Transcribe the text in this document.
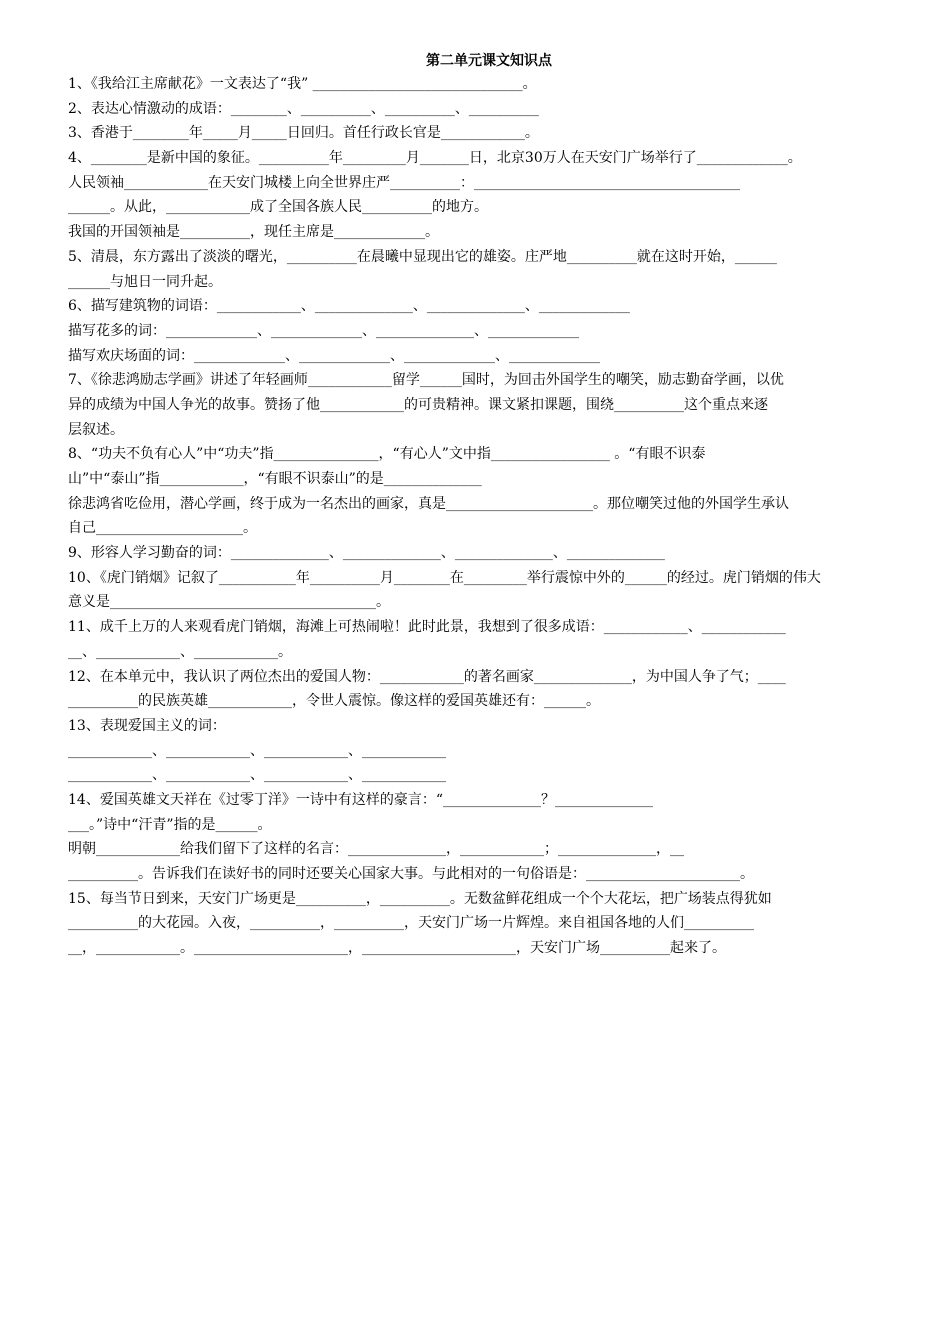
第二单元课文知识点
1、《我给江主席献花》一文表达了“我” ______________________________。
2、表达心情激动的成语：________、__________、__________、__________
3、香港于________年_____月_____日回归。首任行政长官是____________。
4、________是新中国的象征。__________年_________月_______日，北京30万人在天安门广场举行了_____________。
人民领袖____________在天安门城楼上向全世界庄严__________：______________________________________
______。从此，____________成了全国各族人民__________的地方。
我国的开国领袖是__________，现任主席是_____________。
5、清晨，东方露出了淡淡的曙光，__________在晨曦中显现出它的雄姿。庄严地__________就在这时开始，______
______与旭日一同升起。
6、描写建筑物的词语：____________、______________、______________、_____________
描写花多的词：_____________、_____________、______________、_____________
描写欢庆场面的词：_____________、_____________、_____________、_____________
7、《徐悲鸿励志学画》讲述了年轻画师____________留学______国时，为回击外国学生的嘲笑，励志勤奋学画，以优
异的成绩为中国人争光的故事。赞扬了他____________的可贵精神。课文紧扣课题，围绕__________这个重点来逐
层叙述。
8、“功夫不负有心人”中“功夫”指_______________，“有心人”文中指_________________ 。“有眼不识泰
山”中“泰山”指____________，“有眼不识泰山”的是______________
徐悲鸿省吃俭用，潜心学画，终于成为一名杰出的画家，真是_____________________。那位嘲笑过他的外国学生承认
自己_____________________。
9、形容人学习勤奋的词：______________、______________、______________、______________
10、《虎门销烟》记叙了___________年__________月________在_________举行震惊中外的______的经过。虎门销烟的伟大
意义是______________________________________。
11、成千上万的人来观看虎门销烟，海滩上可热闹啦！此时此景，我想到了很多成语：____________、____________
__、____________、____________。
12、在本单元中，我认识了两位杰出的爱国人物：____________的著名画家______________，为中国人争了气；____
__________的民族英雄____________，令世人震惊。像这样的爱国英雄还有：______。
13、表现爱国主义的词：
____________、____________、____________、____________
____________、____________、____________、____________
14、爱国英雄文天祥在《过零丁洋》一诗中有这样的豪言：“______________？______________
___。”诗中“汗青”指的是______。
明朝____________给我们留下了这样的名言：______________，____________；______________，__
__________。告诉我们在读好书的同时还要关心国家大事。与此相对的一句俗语是：______________________。
15、每当节日到来，天安门广场更是__________，__________。无数盆鲜花组成一个个大花坛，把广场装点得犹如
__________的大花园。入夜，__________，__________，天安门广场一片辉煌。来自祖国各地的人们__________
__，____________。______________________，______________________，天安门广场__________起来了。
